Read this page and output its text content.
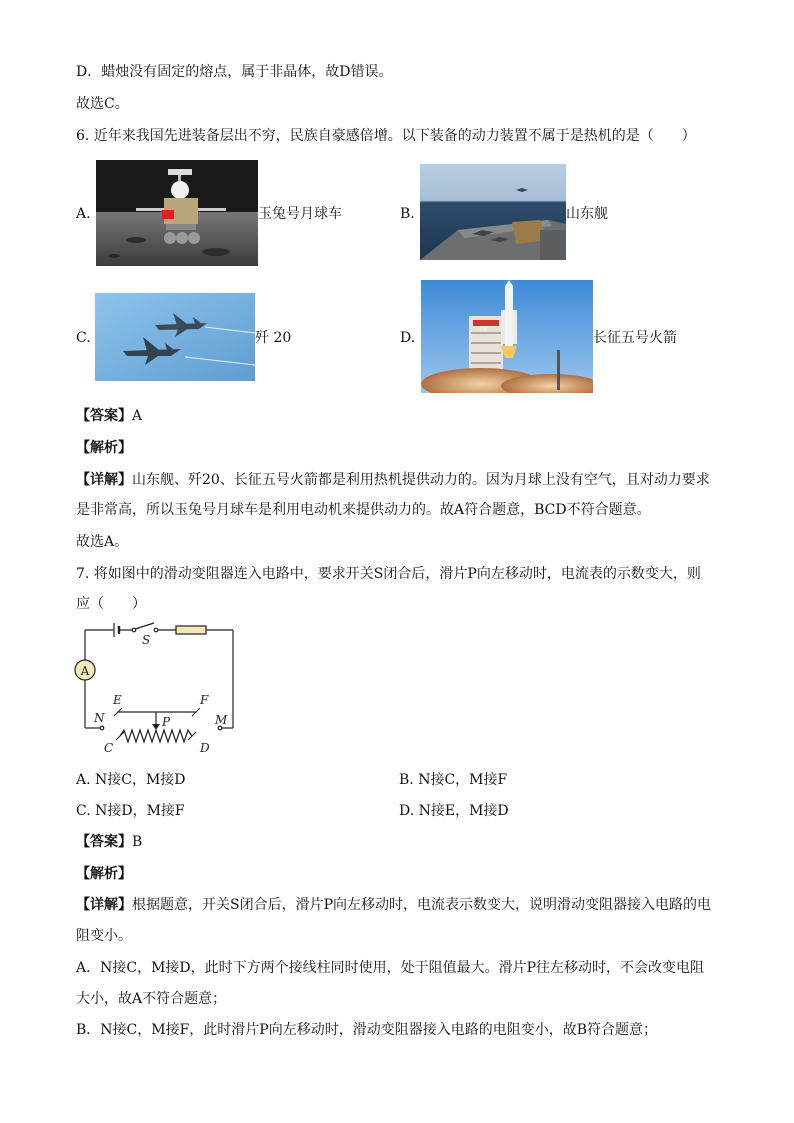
D．蜡烛没有固定的熔点，属于非晶体，故D错误。
故选C。
6. 近年来我国先进装备层出不穷，民族自豪感倍增。以下装备的动力装置不属于是热机的是（　　）
A.	玉兔号月球车	B.	山东舰
C.	歼 20	D.
中国
长征五号火箭
【答案】A
【解析】
【详解】山东舰、歼20、长征五号火箭都是利用热机提供动力的。因为月球上没有空气，且对动力要求
是非常高，所以玉兔号月球车是利用电动机来提供动力的。故A符合题意，BCD不符合题意。
故选A。
7. 将如图中的滑动变阻器连入电路中，要求开关S闭合后，滑片P向左移动时，电流表的示数变大，则
应（　　）
A
S
E	F
N	M
P
C	D
A. N接C，M接D	B. N接C，M接F
C. N接D，M接F	D. N接E，M接D
【答案】B
【解析】
【详解】根据题意，开关S闭合后，滑片P向左移动时，电流表示数变大，说明滑动变阻器接入电路的电
阻变小。
A．N接C，M接D，此时下方两个接线柱同时使用，处于阻值最大。滑片P往左移动时，不会改变电阻
大小，故A不符合题意；
B．N接C，M接F，此时滑片P向左移动时，滑动变阻器接入电路的电阻变小，故B符合题意；
